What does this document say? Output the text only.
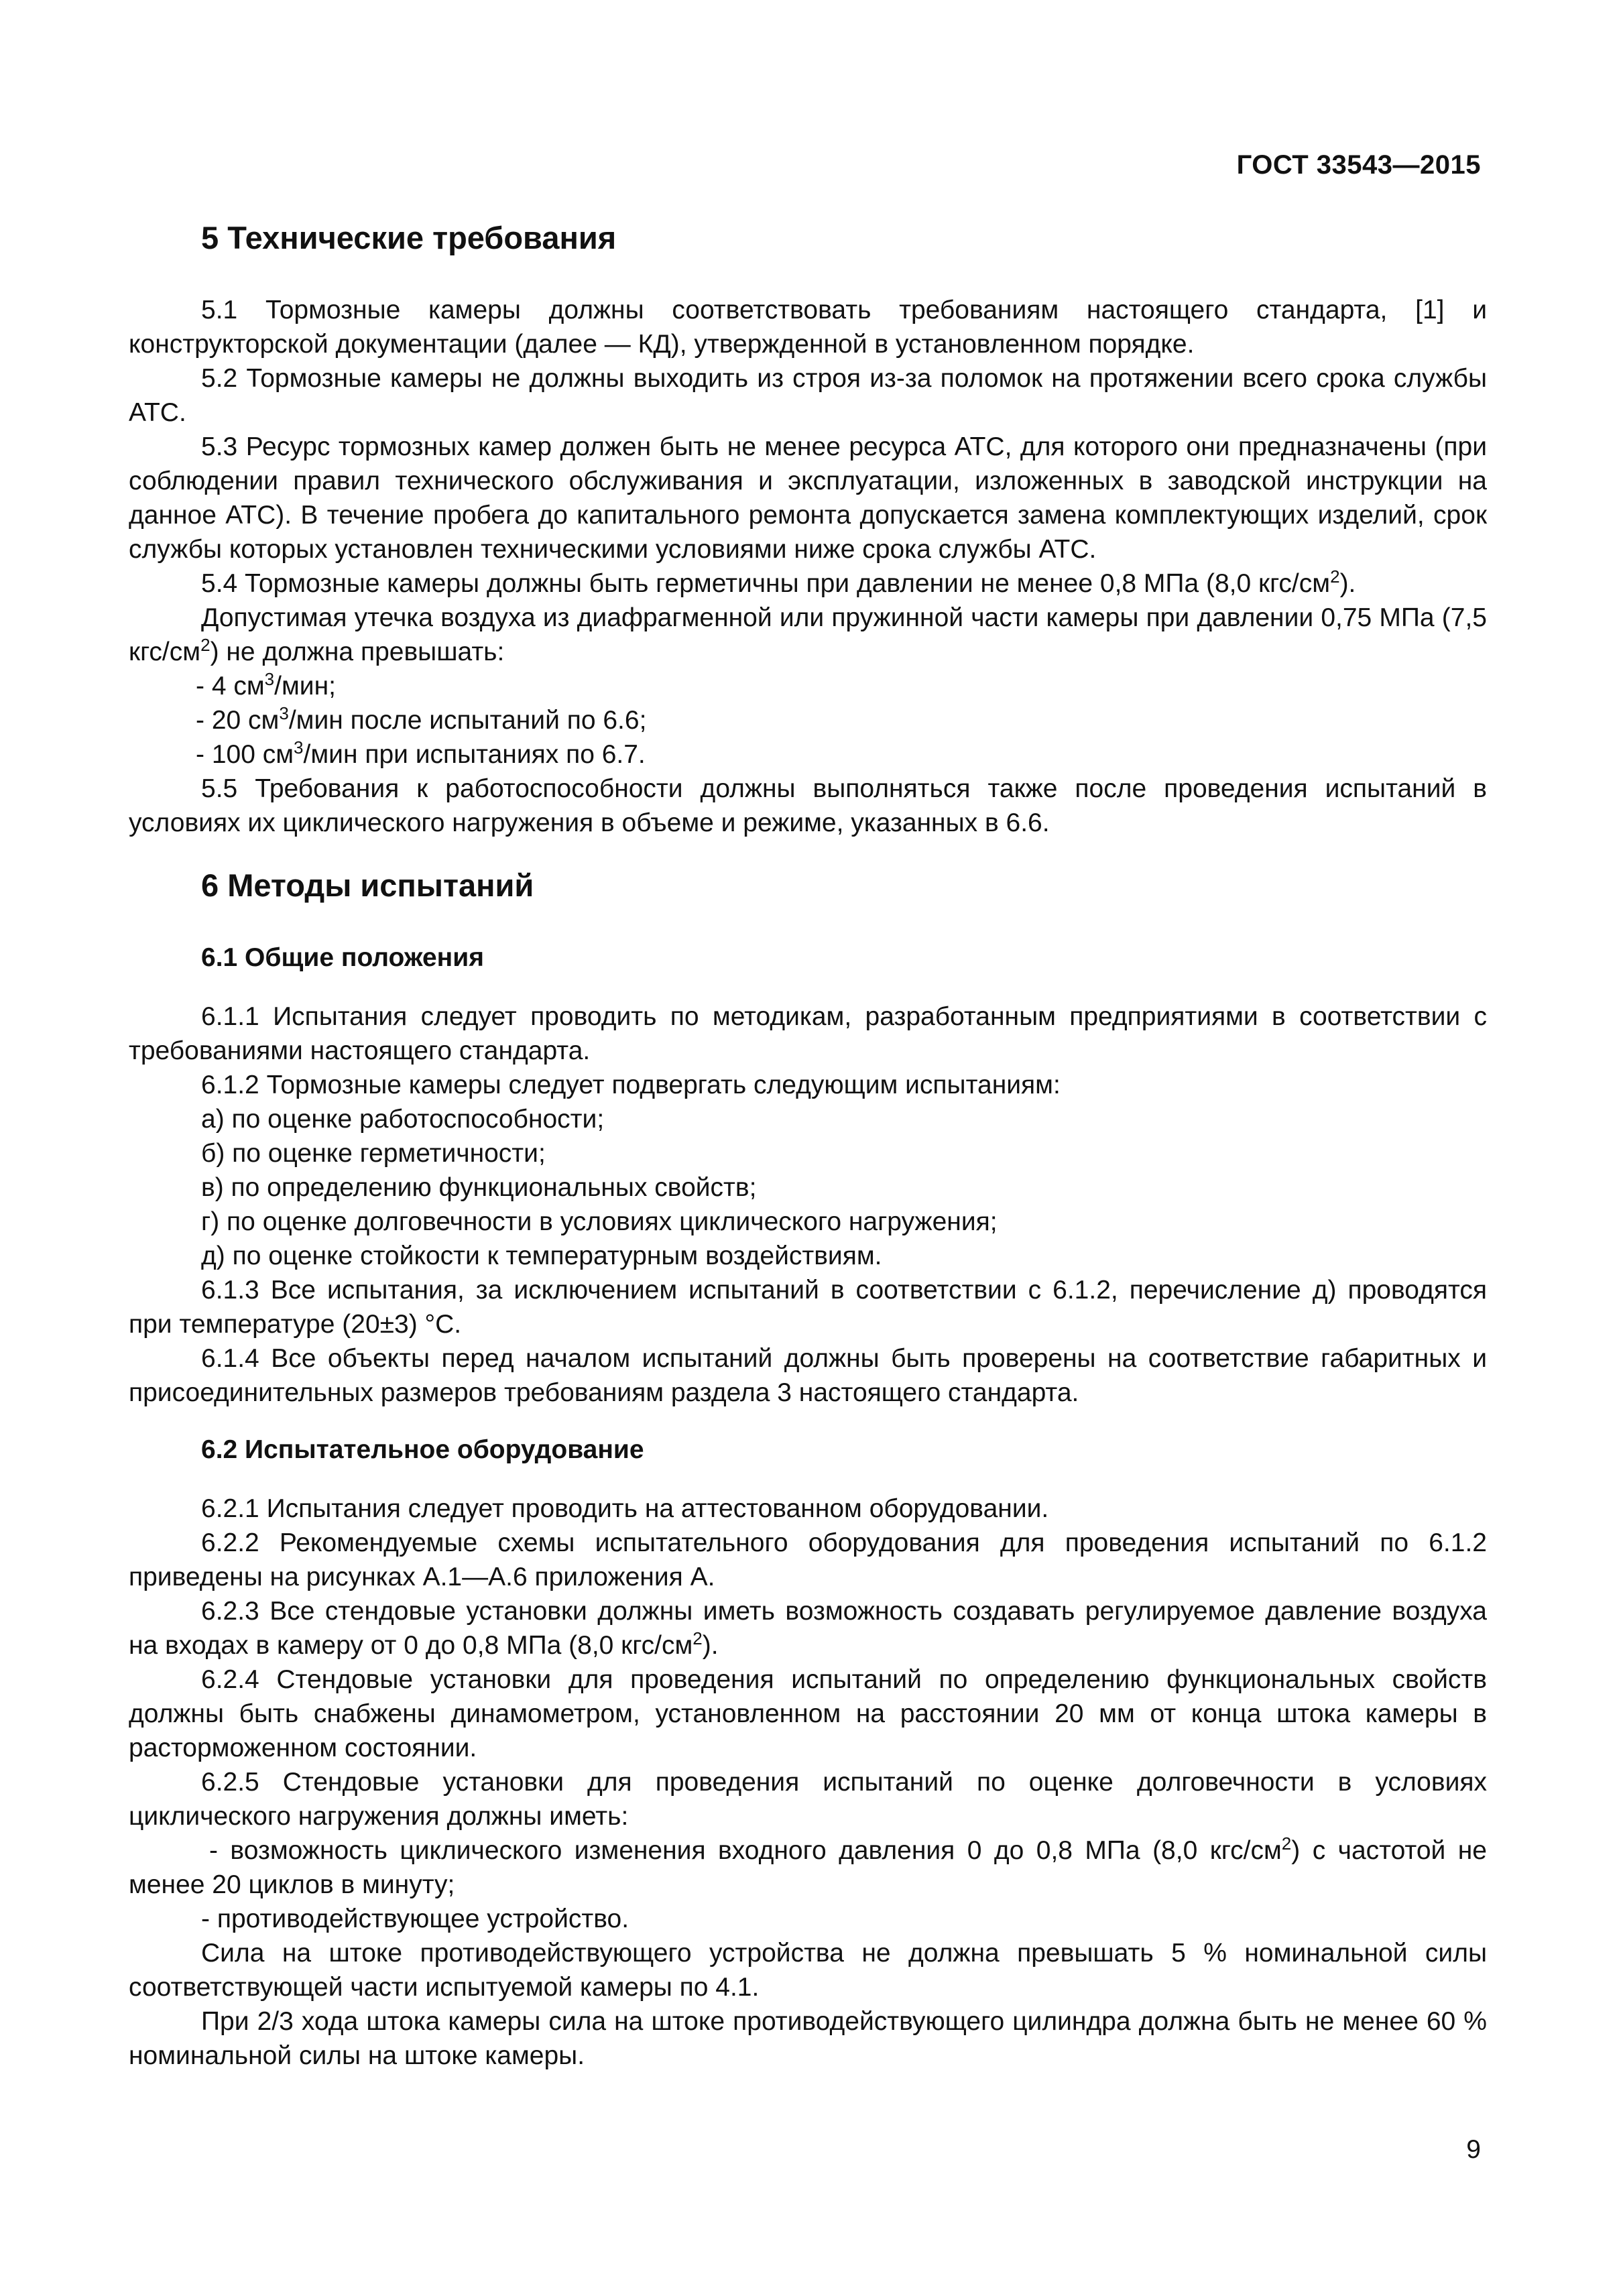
ГОСТ 33543—2015
5 Технические требования

5.1 Тормозные камеры должны соответствовать требованиям настоящего стандарта, [1] и конструкторской документации (далее — КД), утвержденной в установленном порядке.

5.2 Тормозные камеры не должны выходить из строя из-за поломок на протяжении всего срока службы АТС.

5.3 Ресурс тормозных камер должен быть не менее ресурса АТС, для которого они предназначены (при соблюдении правил технического обслуживания и эксплуатации, изложенных в заводской инструкции на данное АТС). В течение пробега до капитального ремонта допускается замена комплектующих изделий, срок службы которых установлен техническими условиями ниже срока службы АТС.

5.4 Тормозные камеры должны быть герметичны при давлении не менее 0,8 МПа (8,0 кгс/$см^2$).

Допустимая утечка воздуха из диафрагменной или пружинной части камеры при давлении 0,75 МПа (7,5 кгс/$см^2$) не должна превышать:

- 4 $см^3$/мин;

- 20 $см^3$/мин после испытаний по 6.6;

- 100 $см^3$/мин при испытаниях по 6.7.

5.5 Требования к работоспособности должны выполняться также после проведения испытаний в условиях их циклического нагружения в объеме и режиме, указанных в 6.6.

6 Методы испытаний
6.1 Общие положения

6.1.1 Испытания следует проводить по методикам, разработанным предприятиями в соответствии с требованиями настоящего стандарта.

6.1.2 Тормозные камеры следует подвергать следующим испытаниям:

а) по оценке работоспособности;

б) по оценке герметичности;

в) по определению функциональных свойств;

г) по оценке долговечности в условиях циклического нагружения;

д) по оценке стойкости к температурным воздействиям.

6.1.3 Все испытания, за исключением испытаний в соответствии с 6.1.2, перечисление д) проводятся при температуре (20±3) °С.

6.1.4 Все объекты перед началом испытаний должны быть проверены на соответствие габаритных и присоединительных размеров требованиям раздела 3 настоящего стандарта.

6.2 Испытательное оборудование

6.2.1 Испытания следует проводить на аттестованном оборудовании.

6.2.2 Рекомендуемые схемы испытательного оборудования для проведения испытаний по 6.1.2 приведены на рисунках А.1—А.6 приложения А.

6.2.3 Все стендовые установки должны иметь возможность создавать регулируемое давление воздуха на входах в камеру от 0 до 0,8 МПа (8,0 кгс/$см^2$).

6.2.4 Стендовые установки для проведения испытаний по определению функциональных свойств должны быть снабжены динамометром, установленном на расстоянии 20 мм от конца штока камеры в расторможенном состоянии.

6.2.5 Стендовые установки для проведения испытаний по оценке долговечности в условиях циклического нагружения должны иметь:

- возможность циклического изменения входного давления 0 до 0,8 МПа (8,0 кгс/$см^2$) с частотой не менее 20 циклов в минуту;

- противодействующее устройство.

Сила на штоке противодействующего устройства не должна превышать 5 % номинальной силы соответствующей части испытуемой камеры по 4.1.

При 2/3 хода штока камеры сила на штоке противодействующего цилиндра должна быть не менее 60 % номинальной силы на штоке камеры.

9
